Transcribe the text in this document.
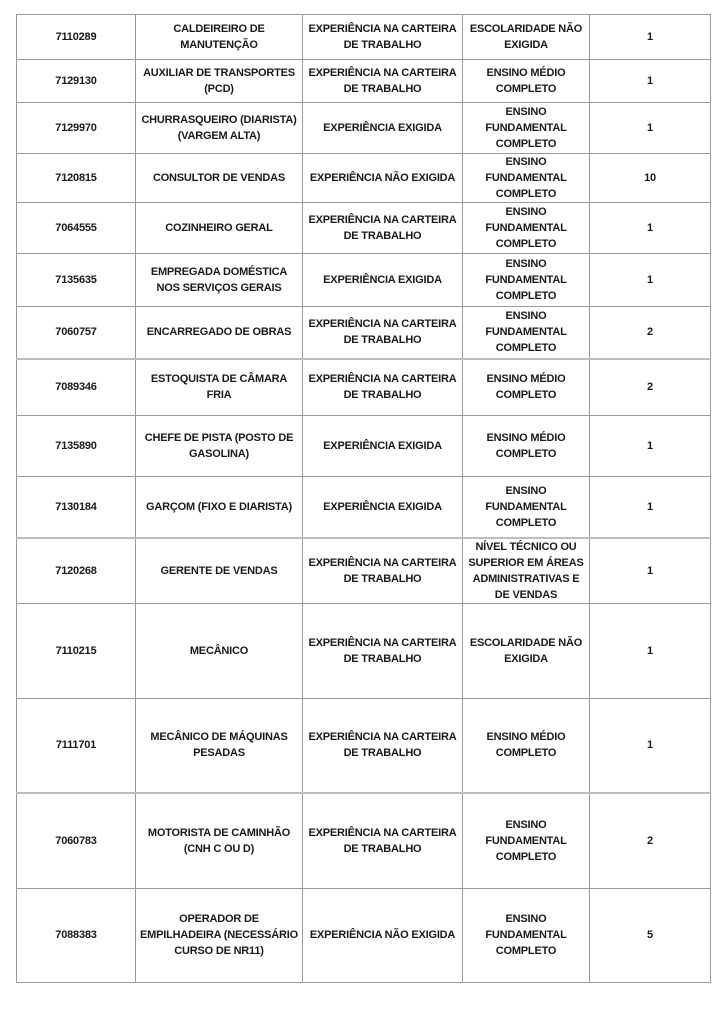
7110289	CALDEIREIRO DE MANUTENÇÃO	EXPERIÊNCIA NA CARTEIRA DE TRABALHO	ESCOLARIDADE NÃO EXIGIDA	1
7129130	AUXILIAR DE TRANSPORTES (PCD)	EXPERIÊNCIA NA CARTEIRA DE TRABALHO	ENSINO MÉDIO COMPLETO	1
7129970	CHURRASQUEIRO (DIARISTA) (VARGEM ALTA)	EXPERIÊNCIA EXIGIDA	ENSINO FUNDAMENTAL COMPLETO	1
7120815	CONSULTOR DE VENDAS	EXPERIÊNCIA NÃO EXIGIDA	ENSINO FUNDAMENTAL COMPLETO	10
7064555	COZINHEIRO GERAL	EXPERIÊNCIA NA CARTEIRA DE TRABALHO	ENSINO FUNDAMENTAL COMPLETO	1
7135635	EMPREGADA DOMÉSTICA NOS SERVIÇOS GERAIS	EXPERIÊNCIA EXIGIDA	ENSINO FUNDAMENTAL COMPLETO	1
7060757	ENCARREGADO DE OBRAS	EXPERIÊNCIA NA CARTEIRA DE TRABALHO	ENSINO FUNDAMENTAL COMPLETO	2
7089346	ESTOQUISTA DE CÂMARA FRIA	EXPERIÊNCIA NA CARTEIRA DE TRABALHO	ENSINO MÉDIO COMPLETO	2
7135890	CHEFE DE PISTA (POSTO DE GASOLINA)	EXPERIÊNCIA EXIGIDA	ENSINO MÉDIO COMPLETO	1
7130184	GARÇOM (FIXO E DIARISTA)	EXPERIÊNCIA EXIGIDA	ENSINO FUNDAMENTAL COMPLETO	1
7120268	GERENTE DE VENDAS	EXPERIÊNCIA NA CARTEIRA DE TRABALHO	NÍVEL TÉCNICO OU SUPERIOR EM ÁREAS ADMINISTRATIVAS E DE VENDAS	1
7110215	MECÂNICO	EXPERIÊNCIA NA CARTEIRA DE TRABALHO	ESCOLARIDADE NÃO EXIGIDA	1
7111701	MECÂNICO DE MÁQUINAS PESADAS	EXPERIÊNCIA NA CARTEIRA DE TRABALHO	ENSINO MÉDIO COMPLETO	1
7060783	MOTORISTA DE CAMINHÃO (CNH C OU D)	EXPERIÊNCIA NA CARTEIRA DE TRABALHO	ENSINO FUNDAMENTAL COMPLETO	2
7088383	OPERADOR DE EMPILHADEIRA (NECESSÁRIO CURSO DE NR11)	EXPERIÊNCIA NÃO EXIGIDA	ENSINO FUNDAMENTAL COMPLETO	5
